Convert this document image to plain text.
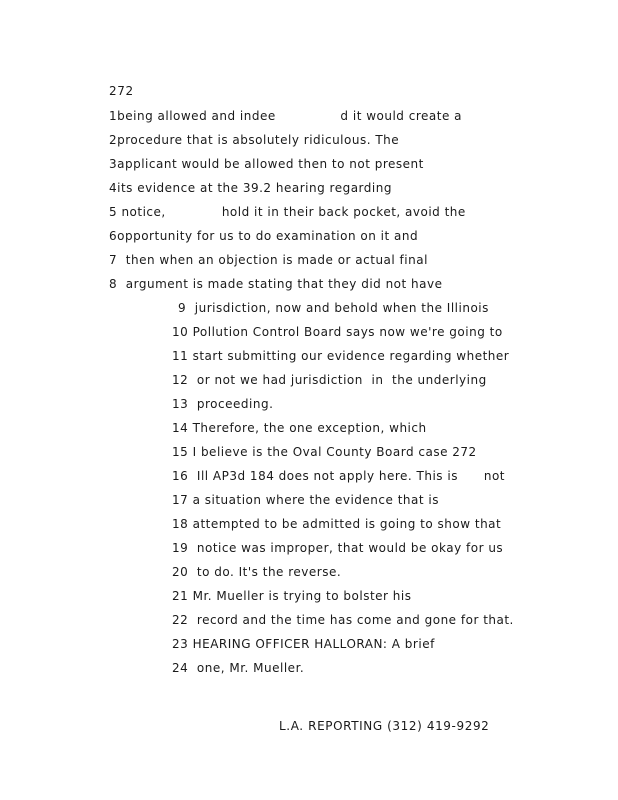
272
1being allowed and indee               d it would create a
2procedure that is absolutely ridiculous. The
3applicant would be allowed then to not present
4its evidence at the 39.2 hearing regarding
5 notice,             hold it in their back pocket, avoid the
6opportunity for us to do examination on it and
7  then when an objection is made or actual final
8  argument is made stating that they did not have
9  jurisdiction, now and behold when the Illinois
10 Pollution Control Board says now we're going to
11 start submitting our evidence regarding whether
12  or not we had jurisdiction  in  the underlying
13  proceeding.
14 Therefore, the one exception, which
15 I believe is the Oval County Board case 272
16  Ill AP3d 184 does not apply here. This is      not
17 a situation where the evidence that is
18 attempted to be admitted is going to show that
19  notice was improper, that would be okay for us
20  to do. It's the reverse.
21 Mr. Mueller is trying to bolster his
22  record and the time has come and gone for that.
23 HEARING OFFICER HALLORAN: A brief
24  one, Mr. Mueller.
L.A. REPORTING (312) 419-9292
